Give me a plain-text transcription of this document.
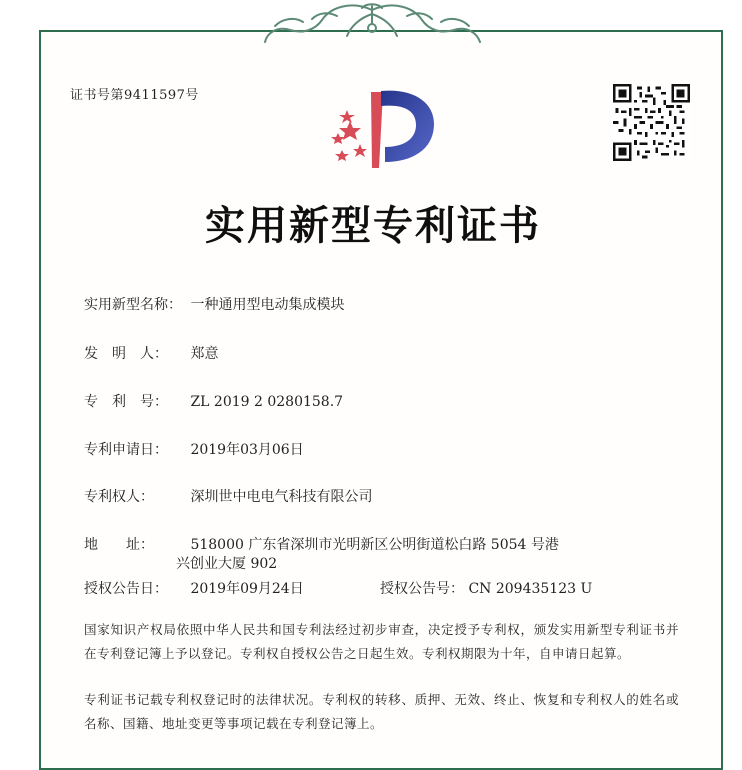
证书号第9411597号
实用新型专利证书
实用新型名称： 一种通用型电动集成模块
发　明　人： 郑意
专　利　号： ZL 2019 2 0280158.7
专利申请日： 2019年03月06日
专利权人：	深圳世中电电气科技有限公司
地　　址：	518000 广东省深圳市光明新区公明街道松白路 5054 号港
兴创业大厦 902
授权公告日： 2019年09月24日	授权公告号： CN 209435123 U
国家知识产权局依照中华人民共和国专利法经过初步审查，决定授予专利权，颁发实用新型专利证书并在专利登记簿上予以登记。专利权自授权公告之日起生效。专利权期限为十年，自申请日起算。
专利证书记载专利权登记时的法律状况。专利权的转移、质押、无效、终止、恢复和专利权人的姓名或名称、国籍、地址变更等事项记载在专利登记簿上。
